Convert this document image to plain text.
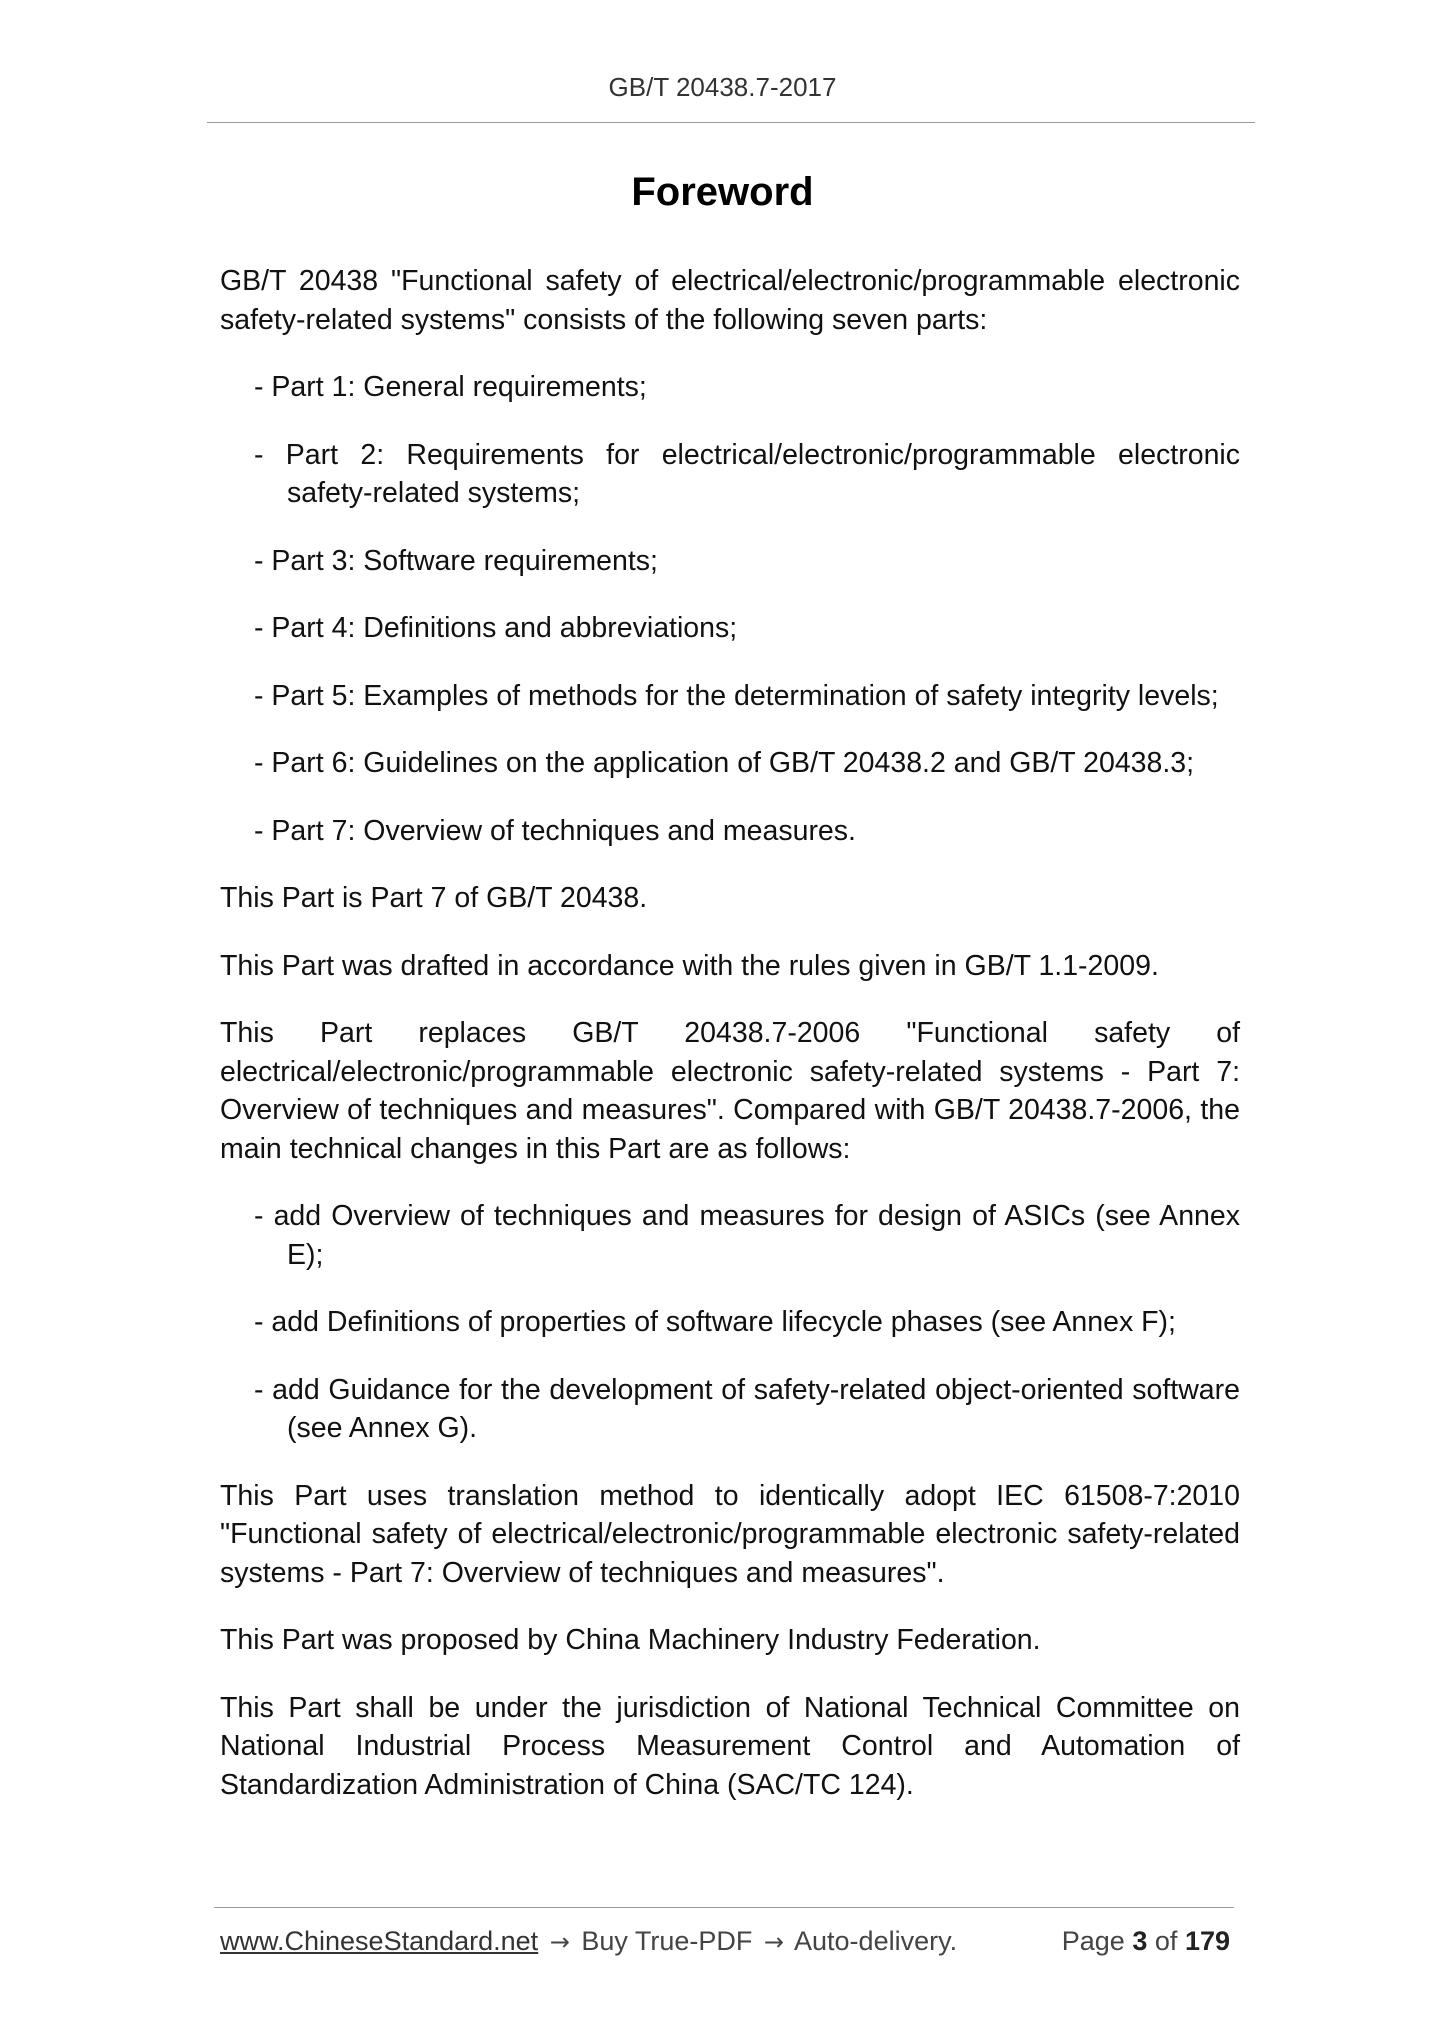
GB/T 20438.7-2017
Foreword

GB/T 20438 "Functional safety of electrical/electronic/programmable electronic safety-related systems" consists of the following seven parts:

- Part 1: General requirements;

- Part 2: Requirements for electrical/electronic/programmable electronic safety-related systems;

- Part 3: Software requirements;

- Part 4: Definitions and abbreviations;

- Part 5: Examples of methods for the determination of safety integrity levels;

- Part 6: Guidelines on the application of GB/T 20438.2 and GB/T 20438.3;

- Part 7: Overview of techniques and measures.

This Part is Part 7 of GB/T 20438.

This Part was drafted in accordance with the rules given in GB/T 1.1-2009.

This Part replaces GB/T 20438.7-2006 "Functional safety of electrical/electronic/programmable electronic safety-related systems - Part 7: Overview of techniques and measures". Compared with GB/T 20438.7-2006, the main technical changes in this Part are as follows:

- add Overview of techniques and measures for design of ASICs (see Annex E);

- add Definitions of properties of software lifecycle phases (see Annex F);

- add Guidance for the development of safety-related object-oriented software (see Annex G).

This Part uses translation method to identically adopt IEC 61508-7:2010 "Functional safety of electrical/electronic/programmable electronic safety-related systems - Part 7: Overview of techniques and measures".

This Part was proposed by China Machinery Industry Federation.

This Part shall be under the jurisdiction of National Technical Committee on National Industrial Process Measurement Control and Automation of Standardization Administration of China (SAC/TC 124).

www.ChineseStandard.net → Buy True-PDF → Auto-delivery.	Page 3 of 179
